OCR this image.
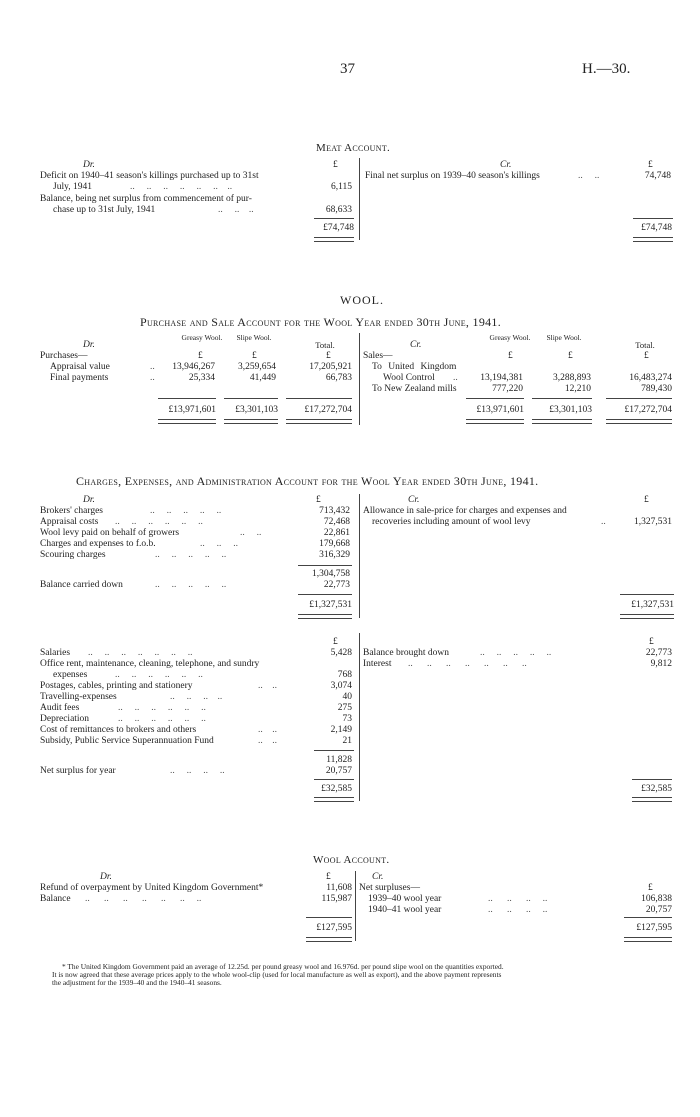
37	H.—30.
Meat Account.
Dr.	£	Cr.	£
Deficit on 1940–41 season's killings purchased up to 31st
July, 1941	..     ..     ..     ..     ..     ..    ..	6,115
Balance, being net surplus from commencement of pur-
chase up to 31st July, 1941	..     ..    ..	68,633
£74,748
Final net surplus on 1939–40 season's killings	..     ..	74,748
£74,748
WOOL.
Purchase and Sale Account for the Wool Year ended 30th June, 1941.
Dr.
Greasy Wool.	Slipe Wool.
Total.	Cr.
Greasy Wool.	Slipe Wool.
Total.
£	£	£	£	£	£
Purchases—
Appraisal value	..	13,946,267	3,259,654	17,205,921
Final payments	..	25,334	41,449	66,783
£13,971,601	£3,301,103	£17,272,704
Sales—
To United Kingdom
Wool Control ..	13,194,381	3,288,893	16,483,274
To New Zealand mills	777,220	12,210	789,430
£13,971,601	£3,301,103	£17,272,704
Charges, Expenses, and Administration Account for the Wool Year ended 30th June, 1941.
Dr.	£	Cr.	£
Brokers' charges	..     ..     ..     ..     ..	713,432
Appraisal costs ..     ..     ..     ..     ..     ..	72,468
Wool levy paid on behalf of growers	..     ..	22,861
Charges and expenses to f.o.b.	..     ..     ..	179,668
Scouring charges	..     ..     ..     ..     ..	316,329
1,304,758
Balance carried down	..     ..     ..     ..     ..	22,773
£1,327,531
Allowance in sale-price for charges and expenses and
recoveries including amount of wool levy	..	1,327,531
£1,327,531
£	£
Salaries ..     ..     ..     ..     ..     ..     ..	5,428
Office rent, maintenance, cleaning, telephone, and sundry
expenses	..     ..     ..     ..     ..     ..	768
Postages, cables, printing and stationery	..    ..	3,074
Travelling-expenses	..     ..     ..    ..	40
Audit fees	..     ..     ..     ..     ..     ..	275
Depreciation	..     ..     ..     ..     ..     ..	73
Cost of remittances to brokers and others	..    ..	2,149
Subsidy, Public Service Superannuation Fund	..    ..	21
11,828
Net surplus for year	..     ..     ..     ..	20,757
£32,585
Balance brought down	..     ..     ..     ..     ..	22,773
Interest ..      ..      ..      ..      ..      ..      ..	9,812
£32,585
Wool Account.
Dr.	£	Cr.
£
Refund of overpayment by United Kingdom Government*	11,608
Balance ..      ..      ..      ..      ..      ..     ..	115,987
£127,595
Net surpluses—
1939–40 wool year	..      ..      ..     ..	106,838
1940–41 wool year	..      ..      ..     ..	20,757
£127,595
* The United Kingdom Government paid an average of 12.25d. per pound greasy wool and 16.976d. per pound slipe wool on the quantities exported.
It is now agreed that these average prices apply to the whole wool-clip (used for local manufacture as well as export), and the above payment represents
the adjustment for the 1939–40 and the 1940–41 seasons.
